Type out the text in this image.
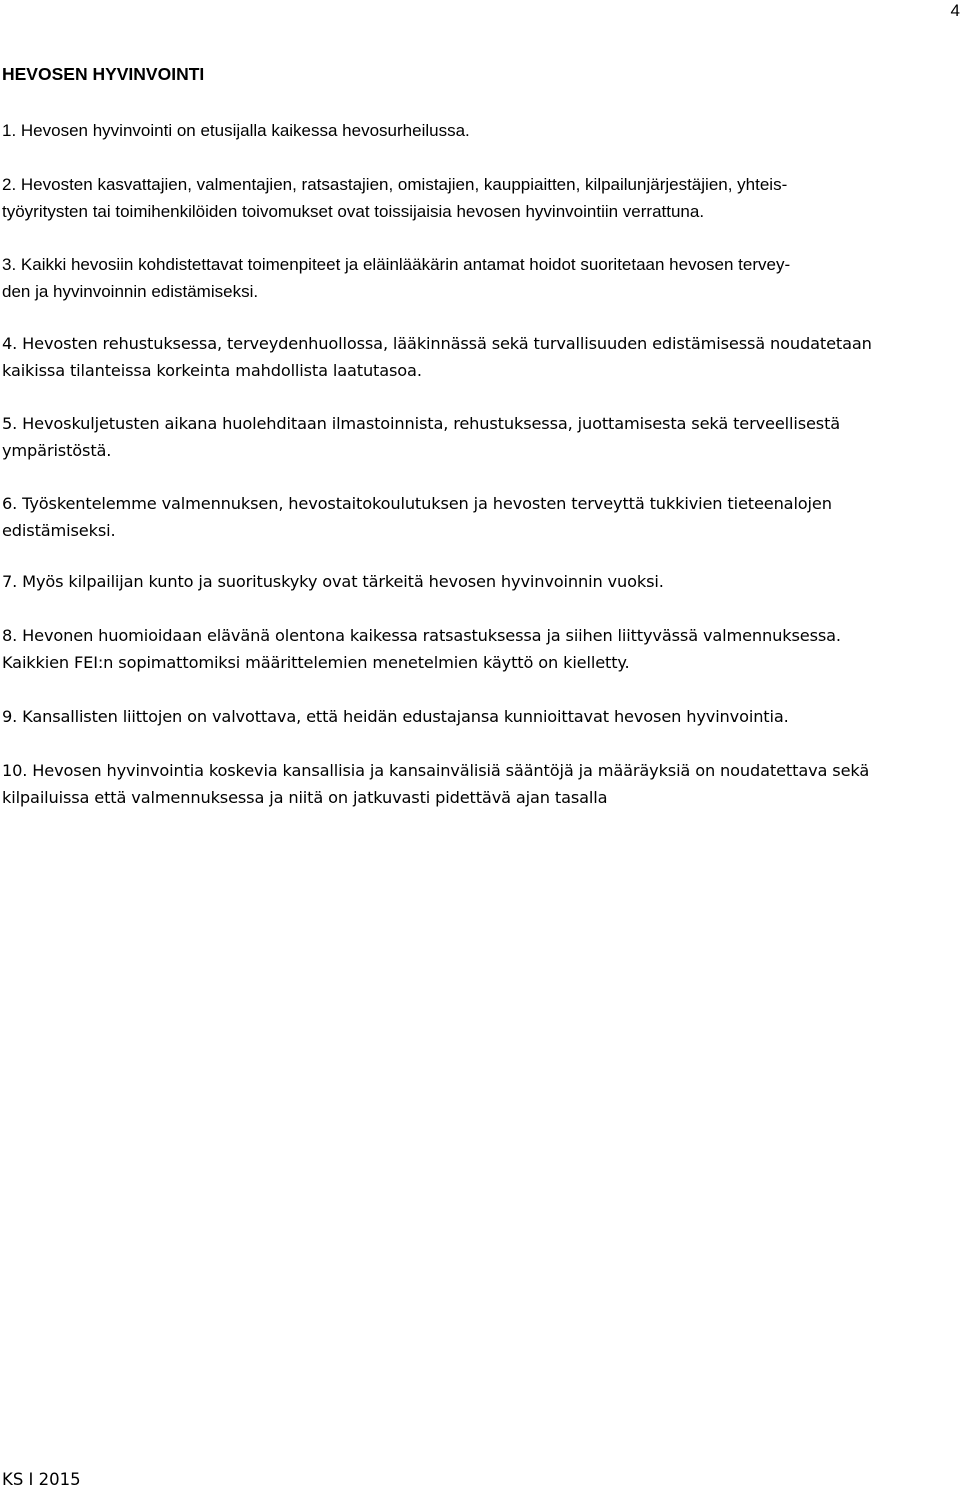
4
HEVOSEN HYVINVOINTI

1. Hevosen hyvinvointi on etusijalla kaikessa hevosurheilussa.

2. Hevosten kasvattajien, valmentajien, ratsastajien, omistajien, kauppiaitten, kilpailunjärjestäjien, yhteis-
työyritysten tai toimihenkilöiden toivomukset ovat toissijaisia hevosen hyvinvointiin verrattuna.

3. Kaikki hevosiin kohdistettavat toimenpiteet ja eläinlääkärin antamat hoidot suoritetaan hevosen tervey-
den ja hyvinvoinnin edistämiseksi.

4. Hevosten rehustuksessa, terveydenhuollossa, lääkinnässä sekä turvallisuuden edistämisessä noudatetaan
kaikissa tilanteissa korkeinta mahdollista laatutasoa.

5. Hevoskuljetusten aikana huolehditaan ilmastoinnista, rehustuksessa, juottamisesta sekä terveellisestä
ympäristöstä.

6. Työskentelemme valmennuksen, hevostaitokoulutuksen ja hevosten terveyttä tukkivien tieteenalojen
edistämiseksi.

7. Myös kilpailijan kunto ja suorituskyky ovat tärkeitä hevosen hyvinvoinnin vuoksi.

8. Hevonen huomioidaan elävänä olentona kaikessa ratsastuksessa ja siihen liittyvässä valmennuksessa.
Kaikkien FEI:n sopimattomiksi määrittelemien menetelmien käyttö on kielletty.

9. Kansallisten liittojen on valvottava, että heidän edustajansa kunnioittavat hevosen hyvinvointia.

10. Hevosen hyvinvointia koskevia kansallisia ja kansainvälisiä sääntöjä ja määräyksiä on noudatettava sekä
kilpailuissa että valmennuksessa ja niitä on jatkuvasti pidettävä ajan tasalla

KS I 2015
